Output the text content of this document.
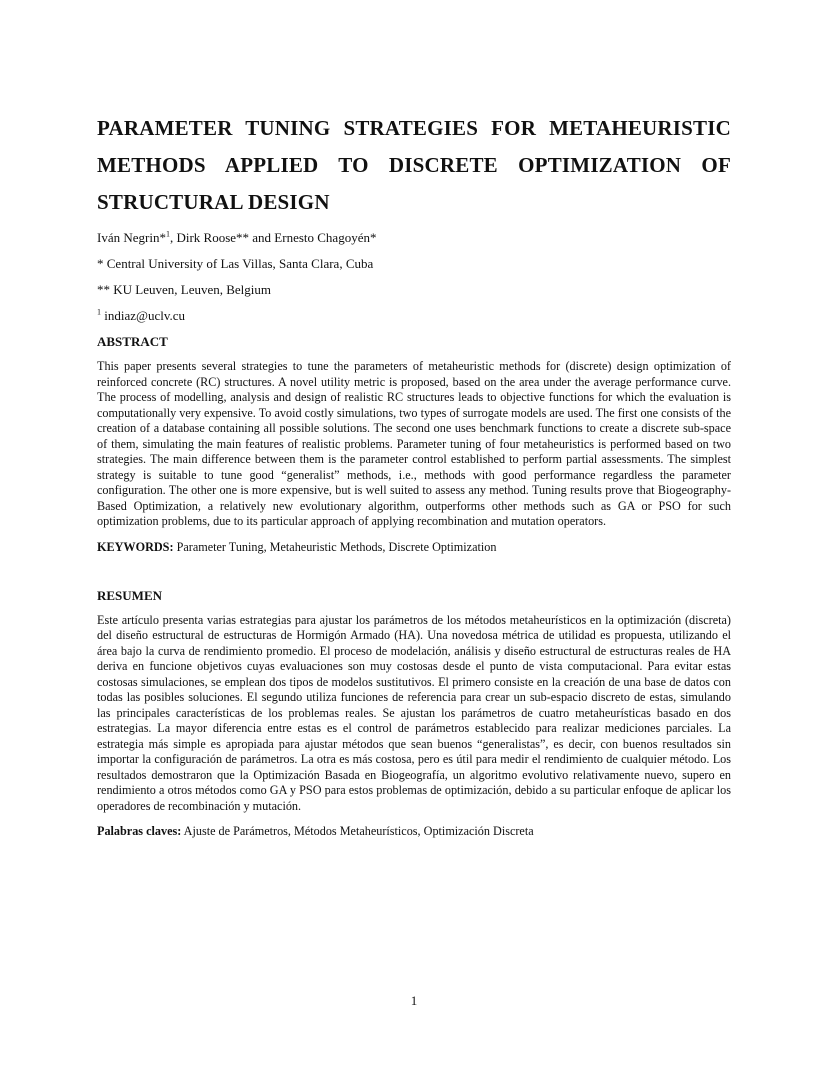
PARAMETER TUNING STRATEGIES FOR METAHEURISTIC METHODS APPLIED TO DISCRETE OPTIMIZATION OF STRUCTURAL DESIGN
Iván Negrin*$^1$, Dirk Roose** and Ernesto Chagoyén*
* Central University of Las Villas, Santa Clara, Cuba
** KU Leuven, Leuven, Belgium
$^1$ indiaz@uclv.cu
ABSTRACT

This paper presents several strategies to tune the parameters of metaheuristic methods for (discrete) design optimization of reinforced concrete (RC) structures. A novel utility metric is proposed, based on the area under the average performance curve. The process of modelling, analysis and design of realistic RC structures leads to objective functions for which the evaluation is computationally very expensive. To avoid costly simulations, two types of surrogate models are used. The first one consists of the creation of a database containing all possible solutions. The second one uses benchmark functions to create a discrete sub-space of them, simulating the main features of realistic problems. Parameter tuning of four metaheuristics is performed based on two strategies. The main difference between them is the parameter control established to perform partial assessments. The simplest strategy is suitable to tune good “generalist” methods, i.e., methods with good performance regardless the parameter configuration. The other one is more expensive, but is well suited to assess any method. Tuning results prove that Biogeography-Based Optimization, a relatively new evolutionary algorithm, outperforms other methods such as GA or PSO for such optimization problems, due to its particular approach of applying recombination and mutation operators.

KEYWORDS: Parameter Tuning, Metaheuristic Methods, Discrete Optimization

RESUMEN

Este artículo presenta varias estrategias para ajustar los parámetros de los métodos metaheurísticos en la optimización (discreta) del diseño estructural de estructuras de Hormigón Armado (HA). Una novedosa métrica de utilidad es propuesta, utilizando el área bajo la curva de rendimiento promedio. El proceso de modelación, análisis y diseño estructural de estructuras reales de HA deriva en funcione objetivos cuyas evaluaciones son muy costosas desde el punto de vista computacional. Para evitar estas costosas simulaciones, se emplean dos tipos de modelos sustitutivos. El primero consiste en la creación de una base de datos con todas las posibles soluciones. El segundo utiliza funciones de referencia para crear un sub-espacio discreto de estas, simulando las principales características de los problemas reales. Se ajustan los parámetros de cuatro metaheurísticas basado en dos estrategias. La mayor diferencia entre estas es el control de parámetros establecido para realizar mediciones parciales. La estrategia más simple es apropiada para ajustar métodos que sean buenos “generalistas”, es decir, con buenos resultados sin importar la configuración de parámetros. La otra es más costosa, pero es útil para medir el rendimiento de cualquier método. Los resultados demostraron que la Optimización Basada en Biogeografía, un algoritmo evolutivo relativamente nuevo, supero en rendimiento a otros métodos como GA y PSO para estos problemas de optimización, debido a su particular enfoque de aplicar los operadores de recombinación y mutación.

Palabras claves: Ajuste de Parámetros, Métodos Metaheurísticos, Optimización Discreta

1
